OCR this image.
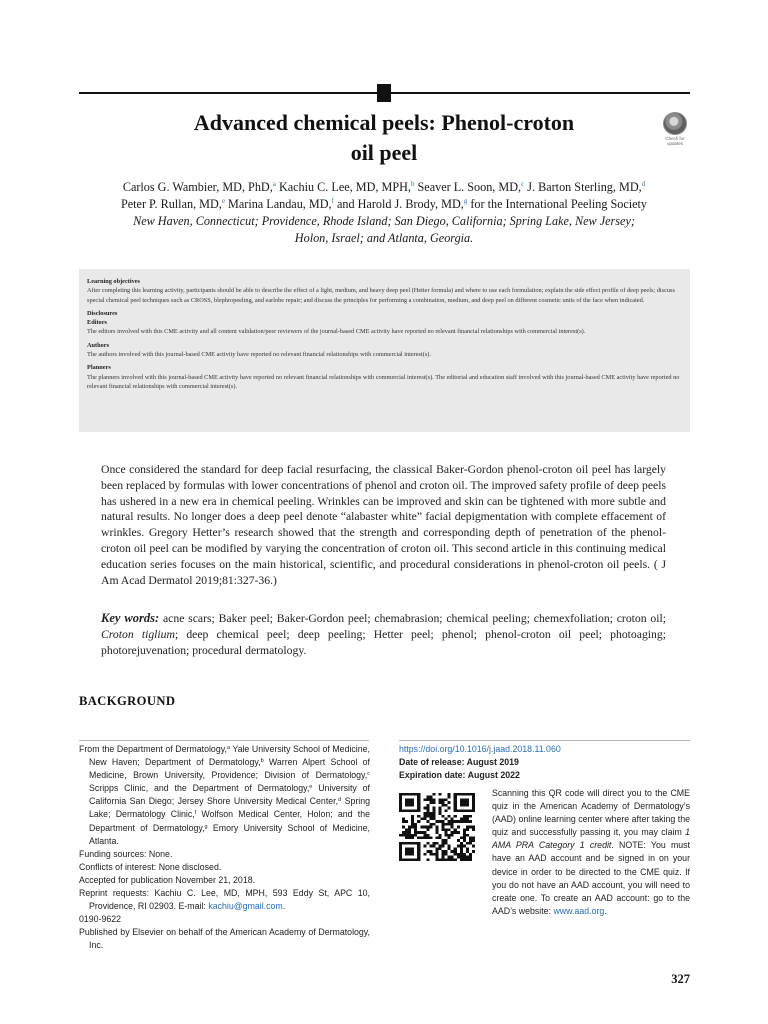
Advanced chemical peels: Phenol-croton
oil peel
Check for
updates
Carlos G. Wambier, MD, PhD,$^a$ Kachiu C. Lee, MD, MPH,$^b$ Seaver L. Soon, MD,$^c$ J. Barton Sterling, MD,$^d$
Peter P. Rullan, MD,$^e$ Marina Landau, MD,$^f$ and Harold J. Brody, MD,$^g$ for the International Peeling Society
New Haven, Connecticut; Providence, Rhode Island; San Diego, California; Spring Lake, New Jersey;
Holon, Israel; and Atlanta, Georgia.
Learning objectives
After completing this learning activity, participants should be able to describe the effect of a light, medium, and heavy deep peel (Hetter formula) and where to use each formulation; explain the side effect profile of deep peels; discuss special chemical peel techniques such as CROSS, blephropeeling, and earlobe repair; and discuss the principles for performing a combination, medium, and deep peel on different cosmetic units of the face when indicated.
Disclosures
Editors
The editors involved with this CME activity and all content validation/peer reviewers of the journal-based CME activity have reported no relevant financial relationships with commercial interest(s).
Authors
The authors involved with this journal-based CME activity have reported no relevant financial relationships with commercial interest(s).
Planners
The planners involved with this journal-based CME activity have reported no relevant financial relationships with commercial interest(s). The editorial and education staff involved with this journal-based CME activity have reported no relevant financial relationships with commercial interest(s).
Once considered the standard for deep facial resurfacing, the classical Baker-Gordon phenol-croton oil peel has largely been replaced by formulas with lower concentrations of phenol and croton oil. The improved safety profile of deep peels has ushered in a new era in chemical peeling. Wrinkles can be improved and skin can be tightened with more subtle and natural results. No longer does a deep peel denote “alabaster white” facial depigmentation with complete effacement of wrinkles. Gregory Hetter’s research showed that the strength and corresponding depth of penetration of the phenol-croton oil peel can be modified by varying the concentration of croton oil. This second article in this continuing medical education series focuses on the main historical, scientific, and procedural considerations in phenol-croton oil peels. ( J Am Acad Dermatol 2019;81:327-36.)
Key words: acne scars; Baker peel; Baker-Gordon peel; chemabrasion; chemical peeling; chemexfoliation; croton oil; Croton tiglium; deep chemical peel; deep peeling; Hetter peel; phenol; phenol-croton oil peel; photoaging; photorejuvenation; procedural dermatology.
BACKGROUND
From the Department of Dermatology,$^a$ Yale University School of Medicine, New Haven; Department of Dermatology,$^b$ Warren Alpert School of Medicine, Brown University, Providence; Division of Dermatology,$^c$ Scripps Clinic, and the Department of Dermatology,$^e$ University of California San Diego; Jersey Shore University Medical Center,$^d$ Spring Lake; Dermatology Clinic,$^f$ Wolfson Medical Center, Holon; and the Department of Dermatology,$^g$ Emory University School of Medicine, Atlanta.
Funding sources: None.
Conflicts of interest: None disclosed.
Accepted for publication November 21, 2018.
Reprint requests: Kachiu C. Lee, MD, MPH, 593 Eddy St, APC 10, Providence, RI 02903. E-mail: kachiu@gmail.com.
0190-9622
Published by Elsevier on behalf of the American Academy of Dermatology, Inc.
https://doi.org/10.1016/j.jaad.2018.11.060
Date of release: August 2019
Expiration date: August 2022
Scanning this QR code will direct you to the CME quiz in the American Academy of Dermatology’s (AAD) online learning center where after taking the quiz and successfully passing it, you may claim 1 AMA PRA Category 1 credit. NOTE: You must have an AAD account and be signed in on your device in order to be directed to the CME quiz. If you do not have an AAD account, you will need to create one. To create an AAD account: go to the AAD’s website: www.aad.org.
327
